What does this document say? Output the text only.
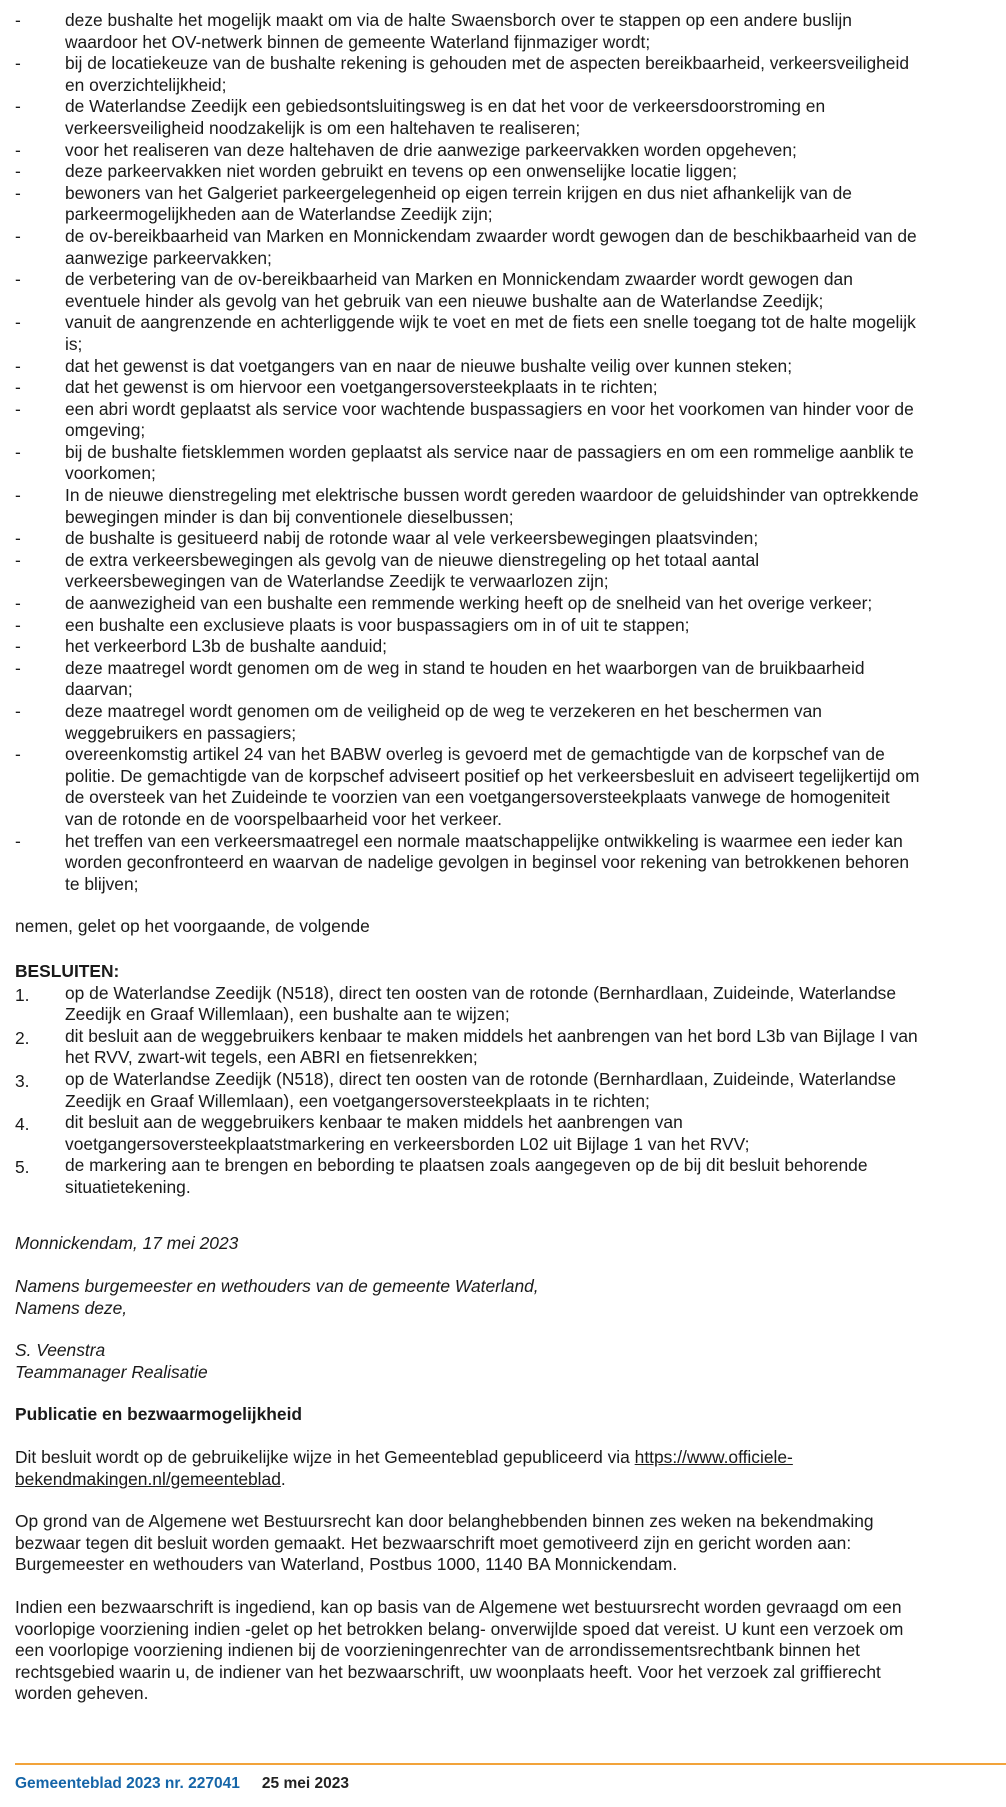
-	deze bushalte het mogelijk maakt om via de halte Swaensborch over te stappen op een andere buslijn waardoor het OV-netwerk binnen de gemeente Waterland fijnmaziger wordt;
-	bij de locatiekeuze van de bushalte rekening is gehouden met de aspecten bereikbaarheid, verkeersveiligheid en overzichtelijkheid;
-	de Waterlandse Zeedijk een gebiedsontsluitingsweg is en dat het voor de verkeersdoorstroming en verkeersveiligheid noodzakelijk is om een haltehaven te realiseren;
-	voor het realiseren van deze haltehaven de drie aanwezige parkeervakken worden opgeheven;
-	deze parkeervakken niet worden gebruikt en tevens op een onwenselijke locatie liggen;
-	bewoners van het Galgeriet parkeergelegenheid op eigen terrein krijgen en dus niet afhankelijk van de parkeermogelijkheden aan de Waterlandse Zeedijk zijn;
-	de ov-bereikbaarheid van Marken en Monnickendam zwaarder wordt gewogen dan de beschikbaarheid van de aanwezige parkeervakken;
-	de verbetering van de ov-bereikbaarheid van Marken en Monnickendam zwaarder wordt gewogen dan eventuele hinder als gevolg van het gebruik van een nieuwe bushalte aan de Waterlandse Zeedijk;
-	vanuit de aangrenzende en achterliggende wijk te voet en met de fiets een snelle toegang tot de halte mogelijk is;
-	dat het gewenst is dat voetgangers van en naar de nieuwe bushalte veilig over kunnen steken;
-	dat het gewenst is om hiervoor een voetgangersoversteekplaats in te richten;
-	een abri wordt geplaatst als service voor wachtende buspassagiers en voor het voorkomen van hinder voor de omgeving;
-	bij de bushalte fietsklemmen worden geplaatst als service naar de passagiers en om een rommelige aanblik te voorkomen;
-	In de nieuwe dienstregeling met elektrische bussen wordt gereden waardoor de geluidshinder van optrekkende bewegingen minder is dan bij conventionele dieselbussen;
-	de bushalte is gesitueerd nabij de rotonde waar al vele verkeersbewegingen plaatsvinden;
-	de extra verkeersbewegingen als gevolg van de nieuwe dienstregeling op het totaal aantal verkeersbewegingen van de Waterlandse Zeedijk te verwaarlozen zijn;
-	de aanwezigheid van een bushalte een remmende werking heeft op de snelheid van het overige verkeer;
-	een bushalte een exclusieve plaats is voor buspassagiers om in of uit te stappen;
-	het verkeerbord L3b de bushalte aanduid;
-	deze maatregel wordt genomen om de weg in stand te houden en het waarborgen van de bruikbaarheid daarvan;
-	deze maatregel wordt genomen om de veiligheid op de weg te verzekeren en het beschermen van weggebruikers en passagiers;
-	overeenkomstig artikel 24 van het BABW overleg is gevoerd met de gemachtigde van de korpschef van de politie. De gemachtigde van de korpschef adviseert positief op het verkeersbesluit en adviseert tegelijkertijd om de oversteek van het Zuideinde te voorzien van een voetgangersoversteekplaats vanwege de homogeniteit van de rotonde en de voorspelbaarheid voor het verkeer.
-	het treffen van een verkeersmaatregel een normale maatschappelijke ontwikkeling is waarmee een ieder kan worden geconfronteerd en waarvan de nadelige gevolgen in beginsel voor rekening van betrokkenen behoren te blijven;

nemen, gelet op het voorgaande, de volgende

BESLUITEN:

1. op de Waterlandse Zeedijk (N518), direct ten oosten van de rotonde (Bernhardlaan, Zuideinde, Waterlandse Zeedijk en Graaf Willemlaan), een bushalte aan te wijzen;
2. dit besluit aan de weggebruikers kenbaar te maken middels het aanbrengen van het bord L3b van Bijlage I van het RVV, zwart-wit tegels, een ABRI en fietsenrekken;
3. op de Waterlandse Zeedijk (N518), direct ten oosten van de rotonde (Bernhardlaan, Zuideinde, Waterlandse Zeedijk en Graaf Willemlaan), een voetgangersoversteekplaats in te richten;
4. dit besluit aan de weggebruikers kenbaar te maken middels het aanbrengen van voetgangersoversteekplaatstmarkering en verkeersborden L02 uit Bijlage 1 van het RVV;
5. de markering aan te brengen en bebording te plaatsen zoals aangegeven op de bij dit besluit behorende situatietekening.

Monnickendam, 17 mei 2023

Namens burgemeester en wethouders van de gemeente Waterland,

Namens deze,

S. Veenstra

Teammanager Realisatie

Publicatie en bezwaarmogelijkheid

Dit besluit wordt op de gebruikelijke wijze in het Gemeenteblad gepubliceerd via https://www.officiele-bekendmakingen.nl/gemeenteblad.

Op grond van de Algemene wet Bestuursrecht kan door belanghebbenden binnen zes weken na bekendmaking bezwaar tegen dit besluit worden gemaakt. Het bezwaarschrift moet gemotiveerd zijn en gericht worden aan: Burgemeester en wethouders van Waterland, Postbus 1000, 1140 BA Monnickendam.

Indien een bezwaarschrift is ingediend, kan op basis van de Algemene wet bestuursrecht worden gevraagd om een voorlopige voorziening indien -gelet op het betrokken belang- onverwijlde spoed dat vereist. U kunt een verzoek om een voorlopige voorziening indienen bij de voorzieningenrechter van de arrondissementsrechtbank binnen het rechtsgebied waarin u, de indiener van het bezwaarschrift, uw woonplaats heeft. Voor het verzoek zal griffierecht worden geheven.

Gemeenteblad 2023 nr. 227041 25 mei 2023
